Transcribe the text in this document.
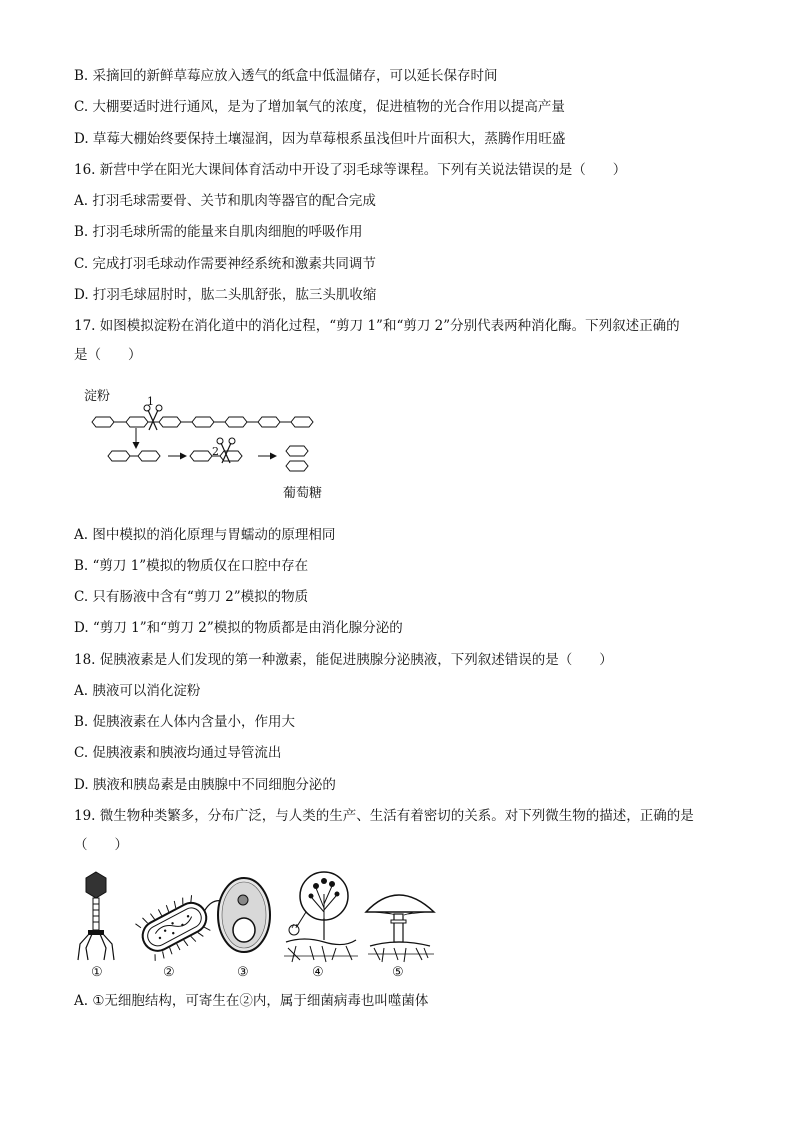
B. 采摘回的新鲜草莓应放入透气的纸盒中低温储存，可以延长保存时间
C. 大棚要适时进行通风，是为了增加氧气的浓度，促进植物的光合作用以提高产量
D. 草莓大棚始终要保持土壤湿润，因为草莓根系虽浅但叶片面积大，蒸腾作用旺盛
16. 新营中学在阳光大课间体育活动中开设了羽毛球等课程。下列有关说法错误的是（　　）
A. 打羽毛球需要骨、关节和肌肉等器官的配合完成
B. 打羽毛球所需的能量来自肌肉细胞的呼吸作用
C. 完成打羽毛球动作需要神经系统和激素共同调节
D. 打羽毛球屈肘时，肱二头肌舒张，肱三头肌收缩
17. 如图模拟淀粉在消化道中的消化过程，“剪刀 1”和“剪刀 2”分别代表两种消化酶。下列叙述正确的
是（　　）
淀粉	1
2
葡萄糖
A. 图中模拟的消化原理与胃蠕动的原理相同
B. “剪刀 1”模拟的物质仅在口腔中存在
C. 只有肠液中含有“剪刀 2”模拟的物质
D. “剪刀 1”和“剪刀 2”模拟的物质都是由消化腺分泌的
18. 促胰液素是人们发现的第一种激素，能促进胰腺分泌胰液，下列叙述错误的是（　　）
A. 胰液可以消化淀粉
B. 促胰液素在人体内含量小，作用大
C. 促胰液素和胰液均通过导管流出
D. 胰液和胰岛素是由胰腺中不同细胞分泌的
19. 微生物种类繁多，分布广泛，与人类的生产、生活有着密切的关系。对下列微生物的描述，正确的是
（　　）
①	②	③	④	⑤
A. ①无细胞结构，可寄生在②内，属于细菌病毒也叫噬菌体
